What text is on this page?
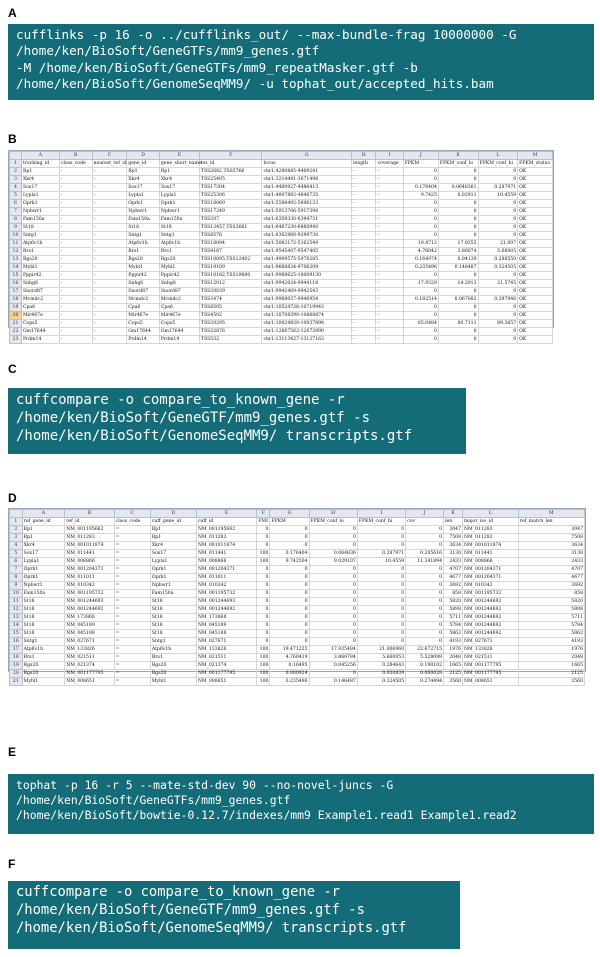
A
cufflinks -p 16 -o ../cufflinks_out/ --max-bundle-frag 10000000 -G
/home/ken/BioSoft/GeneGTFs/mm9_genes.gtf
-M /home/ken/BioSoft/GeneGTFs/mm9_repeatMasker.gtf -b
/home/ken/BioSoft/GenomeSeqMM9/ -u tophat_out/accepted_hits.bam
B
	A	B	C	D	E	F	G	H	I	J	K	L	M
1	tracking_id	class_code	nearest_ref_id	gene_id	gene_short_name	tss_id	locus	length	coverage	FPKM	FPKM_conf_lo	FPKM_conf_hi	FPKM_status
2	Rp1	-	-	Rp1	Rp1	TSS2682,TSS5766	chr1:4280845-4409241	-	-	0	0	0	OK
3	Xkr4	-	-	Xkr4	Xkr4	TSS25495	chr1:3214481-3671498	-	-	0	0	0	OK
4	Sox17	-	-	Sox17	Sox17	TSS17304	chr1:4480927-4486413	-	-	0.176404	0.0648361	0.287971	OK
5	Lypla1	-	-	Lypla1	Lypla1	TSS25306	chr1:4807892-4846735	-	-	9.7425	0.02911	10.4559	OK
6	Oprk1	-	-	Oprk1	Oprk1	TSS18069	chr1:5588492-5606133	-	-	0	0	0	OK
7	Npbwr1	-	-	Npbwr1	Npbwr1	TSS17249	chr1:5913706-5917398	-	-	0	0	0	OK
8	Fam150a	-	-	Fam150a	Fam150a	TSS207	chr1:6359330-6394731	-	-	0	0	0	OK
9	St18	-	-	St18	St18	TSS13457,TSS3661	chr1:6487230-6860940	-	-	0	0	0	OK
10	Sntg1	-	-	Sntg1	Sntg1	TSS8576	chr1:8362960-9299730	-	-	0	0	0	OK
11	Atp6v1h	-	-	Atp6v1h	Atp6v1h	TSS18094	chr1:5083172-5162549	-	-	19.4712	17.9355	21.007	OK
12	Rrs1	-	-	Rrs1	Rrs1	TSS9187	chr1:9545407-9547405	-	-	4.76042	3.86074	5.66005	OK
13	Rgs20	-	-	Rgs20	Rgs20	TSS10095,TSS12402	chr1:4909575-5070285	-	-	0.164974	0.04139	0.288550	OK
14	Mybl1	-	-	Mybl1	Mybl1	TSS19109	chr1:9668834-9706209	-	-	0.235496	0.146487	0.324505	OK
15	Pppir42	-	-	Pppir42	Pppir42	TSS10182,TSS19880	chr1:9968625-10009130	-	-	0	0	0	OK
16	Snhg6	-	-	Snhg6	Snhg6	TSS12012	chr1:9942024-9944118	-	-	17.9329	14.2913	21.5745	OK
17	Snord87	-	-	Snord87	Snord87	TSS20039	chr1:9942469-9942543	-	-	0	0	0	OK
18	Mcmdc2	-	-	Mcmdc2	Mcmdc2	TSS3474	chr1:9968037-9946954	-	-	0.182514	0.067082	0.297946	OK
19	Cpa6	-	-	Cpa6	Cpa6	TSS8505	chr1:10524726-10719943	-	-	0	0	0	OK
20	Mir467e	-	-	Mir467e	Mir467e	TSS4502	chr1:10708390-10868874	-	-	0	0	0	OK
21	Cops5	-	-	Cops5	Cops5	TSS20295	chr1:10024830-10037898	-	-	85.0484	80.7111	89.3857	OK
22	Gm17644	-	-	Gm17644	Gm17644	TSS22876	chr1:12667562-12673090	-	-	0	0	0	OK
23	Prdm14	-	-	Prdm14	Prdm14	TSS532	chr1:13113427-13127163	-	-	0	0	0	OK
C
cuffcompare -o compare_to_known_gene -r
/home/ken/BioSoft/GeneGTF/mm9_genes.gtf -s
/home/ken/BioSoft/GenomeSeqMM9/ transcripts.gtf
D
	A	B	C	D	E	F	G	H	I	J	K	L	M
1	ref_gene_id	ref_id	class_code	cuff_gene_id	cuff_id	FMI	FPKM	FPKM_conf_lo	FPKM_conf_hi	cov	len	major_iso_id	ref_match_len
2	Rp1	NM_001195662	=	Rp1	NM_001195662	0	0	0	0	0	3047	NM_011283	3047
3	Rp1	NM_011283	=	Rp1	NM_011283	0	0	0	0	0	7508	NM_011283	7508
4	Xkr4	NM_001011874	=	Xkr4	NM_001011874	0	0	0	0	0	3634	NM_001011874	3634
5	Sox17	NM_011441	=	Sox17	NM_011441	100	0.176404	0.064836	0.287971	0.205616	3130	NM_011441	3130
6	Lypla1	NM_008866	=	Lypla1	NM_008866	100	9.742504	9.029107	10.4559	11.341894	2433	NM_008866	2433
7	Oprk1	NM_001204371	=	Oprk1	NM_001204371	0	0	0	0	0	4707	NM_001204371	4707
8	Oprk1	NM_011011	=	Oprk1	NM_011011	0	0	0	0	0	4677	NM_001204371	4677
9	Npbwr1	NM_010342	=	Npbwr1	NM_010342	0	0	0	0	0	3692	NM_010342	3692
10	Fam150a	NM_001195732	=	Fam150a	NM_001195732	0	0	0	0	0	858	NM_001195732	858
11	St18	NM_001244693	=	St18	NM_001244693	0	0	0	0	0	5820	NM_001244692	5820
12	St18	NM_001244692	=	St18	NM_001244692	0	0	0	0	0	5898	NM_001244692	5898
13	St18	NM_173868	=	St18	NM_173868	0	0	0	0	0	5711	NM_001244692	5711
14	St18	NM_045189	=	St18	NM_045189	0	0	0	0	0	5784	NM_001244692	5784
15	St18	NM_045188	=	St18	NM_045188	0	0	0	0	0	5862	NM_001244692	5862
16	Sntg1	NM_027671	=	Sntg1	NM_027671	0	0	0	0	0	4193	NM_027671	4193
17	Atp6v1h	NM_133826	=	Atp6v1h	NM_133826	100	19.471225	17.935484	21.006960	22.672715	1976	NM_133826	1976
18	Rrs1	NM_021511	=	Rrs1	NM_021511	100	4.760419	3.860784	5.660053	5.528099	2048	NM_021511	2048
19	Rgs20	NM_021374	=	Rgs20	NM_021374	100	0.16495	0.045256	0.284643	0.190102	1665	NM_001177795	1665
20	Rgs20	NM_001177795	=	Rgs20	NM_001177795	100	0.000924	0	0.030839	0.000028	2125	NM_001177795	2125
21	Mybl1	NM_008651	=	Mybl1	NM_008651	100	0.235496	0.146487	0.324505	0.274494	3560	NM_008651	3560
E
tophat -p 16 -r 5 --mate-std-dev 90 --no-novel-juncs -G
/home/ken/BioSoft/GeneGTFs/mm9_genes.gtf
/home/ken/BioSoft/bowtie-0.12.7/indexes/mm9 Example1.read1 Example1.read2
F
cuffcompare -o compare_to_known_gene -r
/home/ken/BioSoft/GeneGTF/mm9_genes.gtf -s
/home/ken/BioSoft/GenomeSeqMM9/ transcripts.gtf
